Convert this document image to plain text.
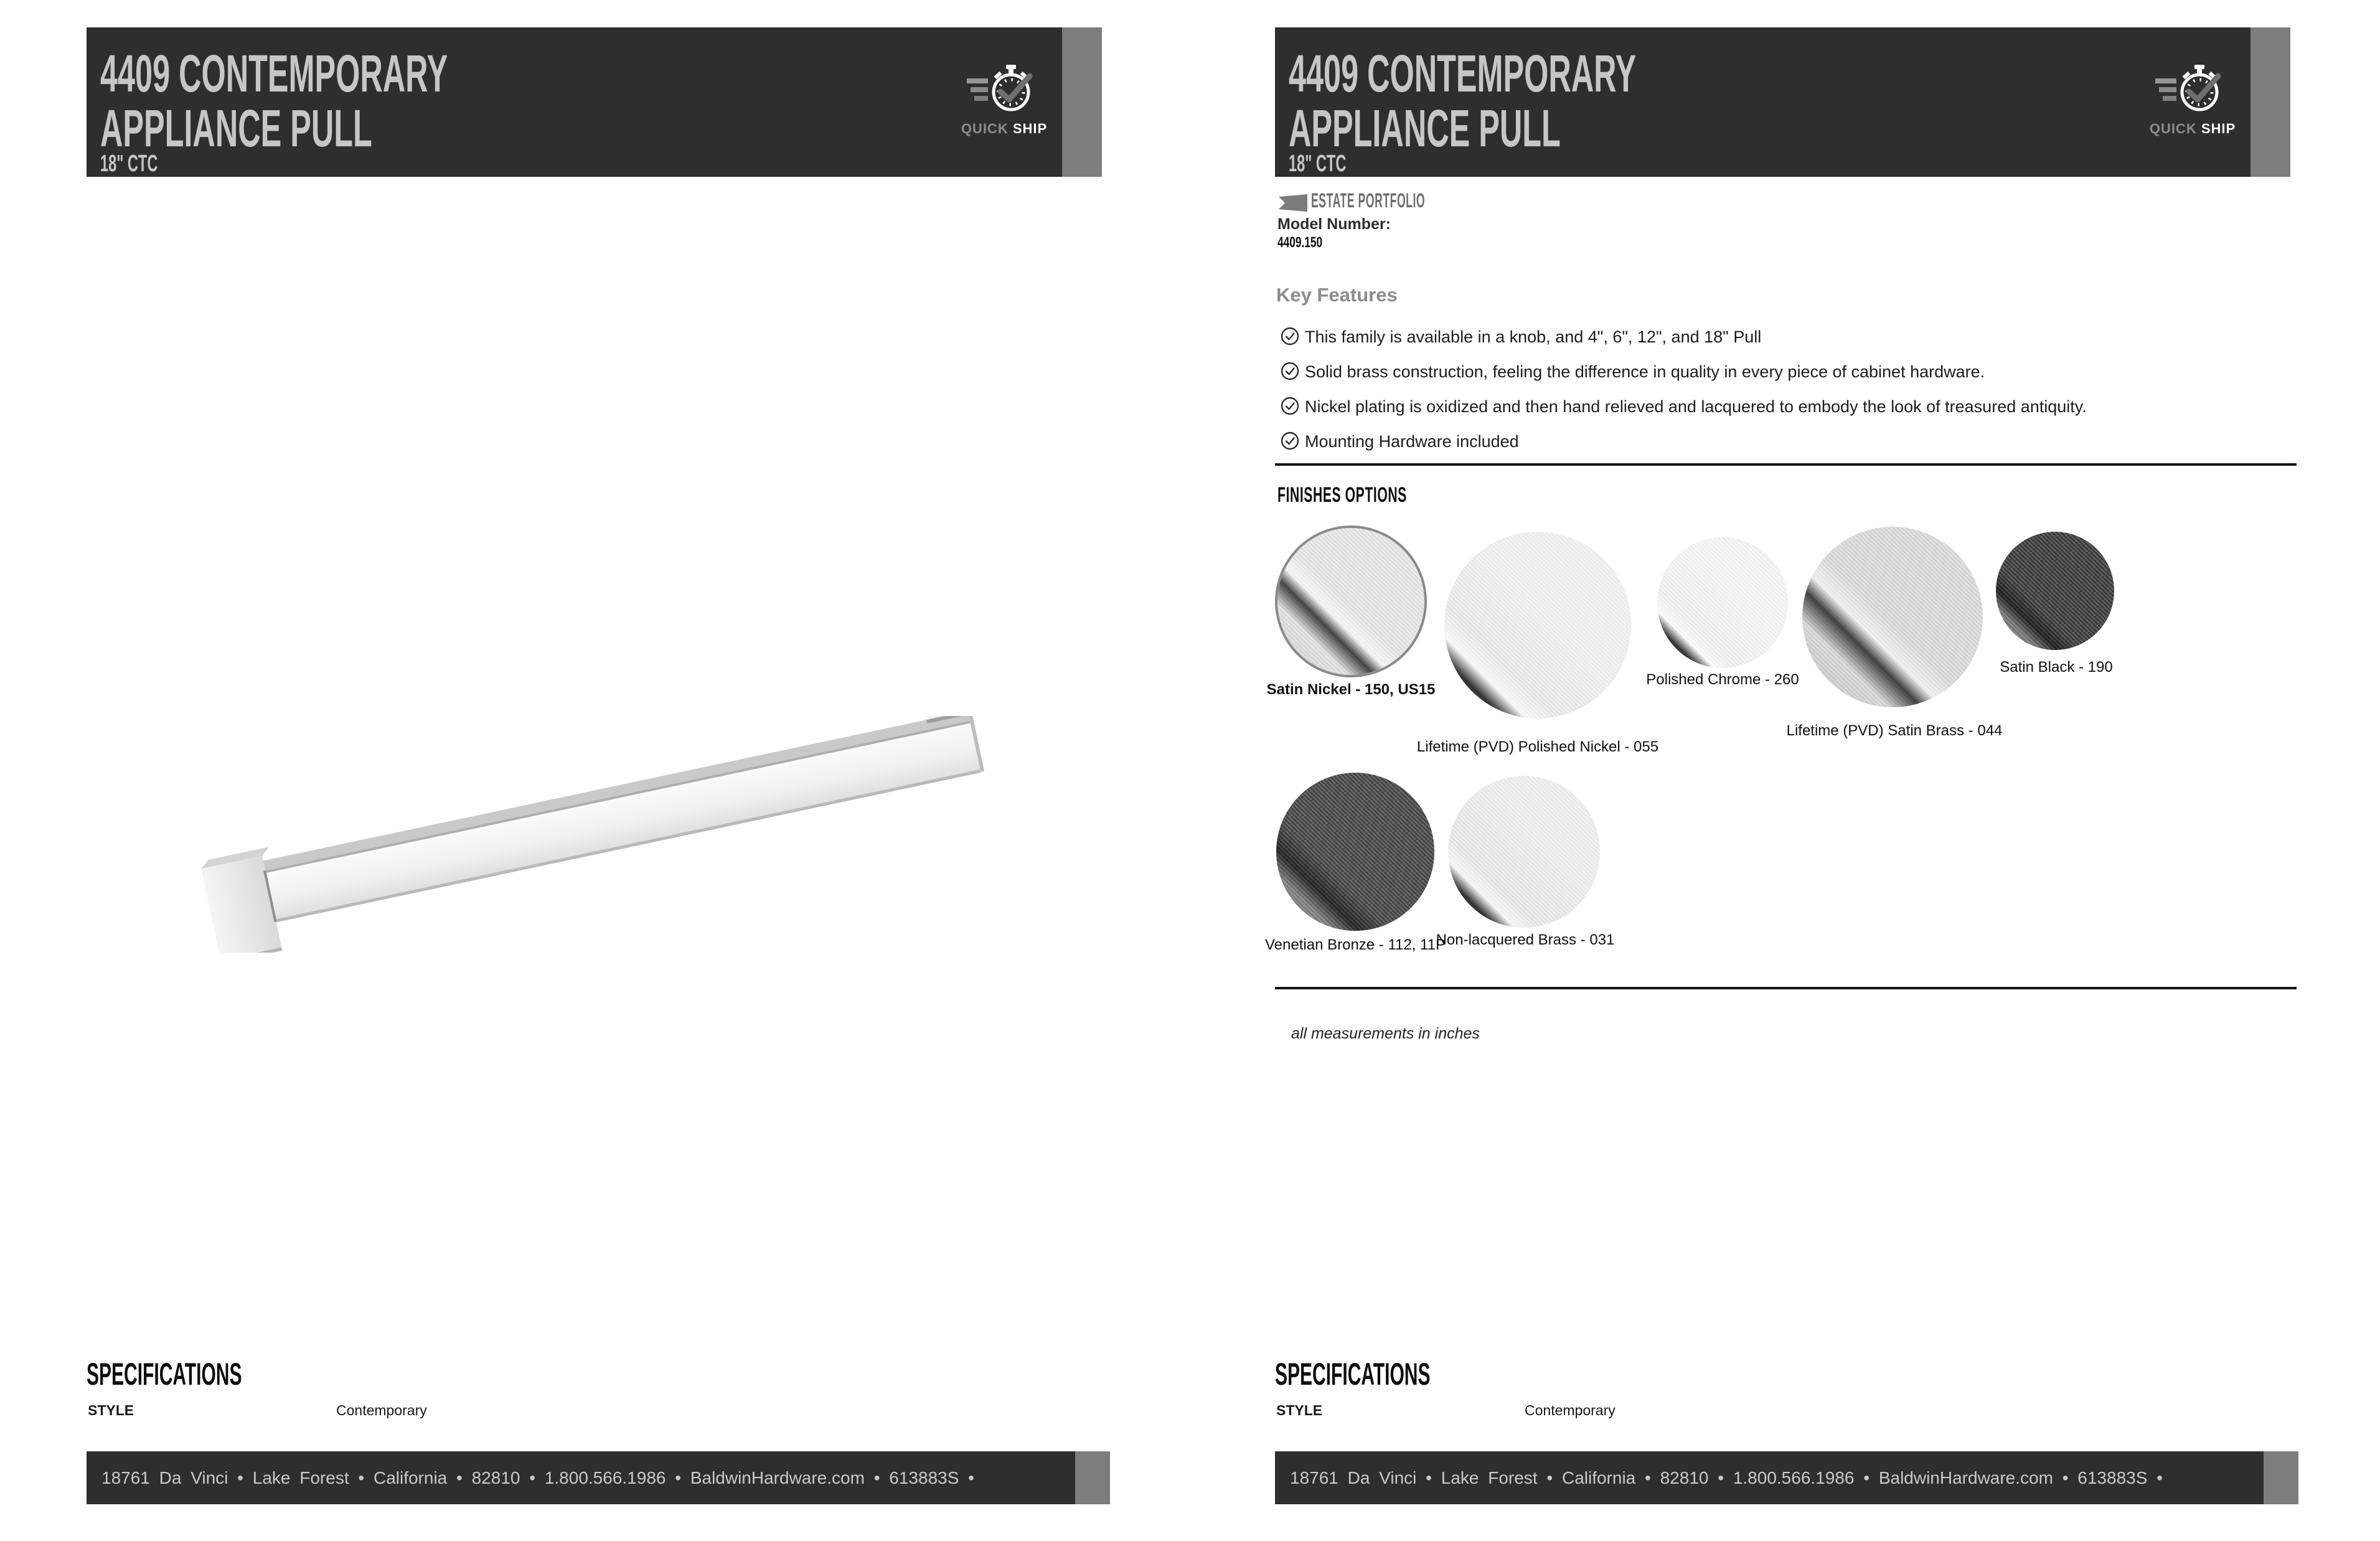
4409 CONTEMPORARY
APPLIANCE PULL
18" CTC
QUICK SHIP
SPECIFICATIONS
STYLE	Contemporary
18761 Da Vinci • Lake Forest • California • 82810 • 1.800.566.1986 • BaldwinHardware.com • 613883S •
4409 CONTEMPORARY
APPLIANCE PULL
18" CTC
QUICK SHIP
ESTATE PORTFOLIO
Model Number:
4409.150
Key Features
This family is available in a knob, and 4", 6", 12", and 18" Pull
Solid brass construction, feeling the difference in quality in every piece of cabinet hardware.
Nickel plating is oxidized and then hand relieved and lacquered to embody the look of treasured antiquity.
Mounting Hardware included
FINISHES OPTIONS
Satin Nickel - 150, US15
Lifetime (PVD) Polished Nickel - 055
Polished Chrome - 260
Lifetime (PVD) Satin Brass - 044
Satin Black - 190
Venetian Bronze - 112, 11P
Non-lacquered Brass - 031
all measurements in inches
SPECIFICATIONS
STYLE	Contemporary
18761 Da Vinci • Lake Forest • California • 82810 • 1.800.566.1986 • BaldwinHardware.com • 613883S •
